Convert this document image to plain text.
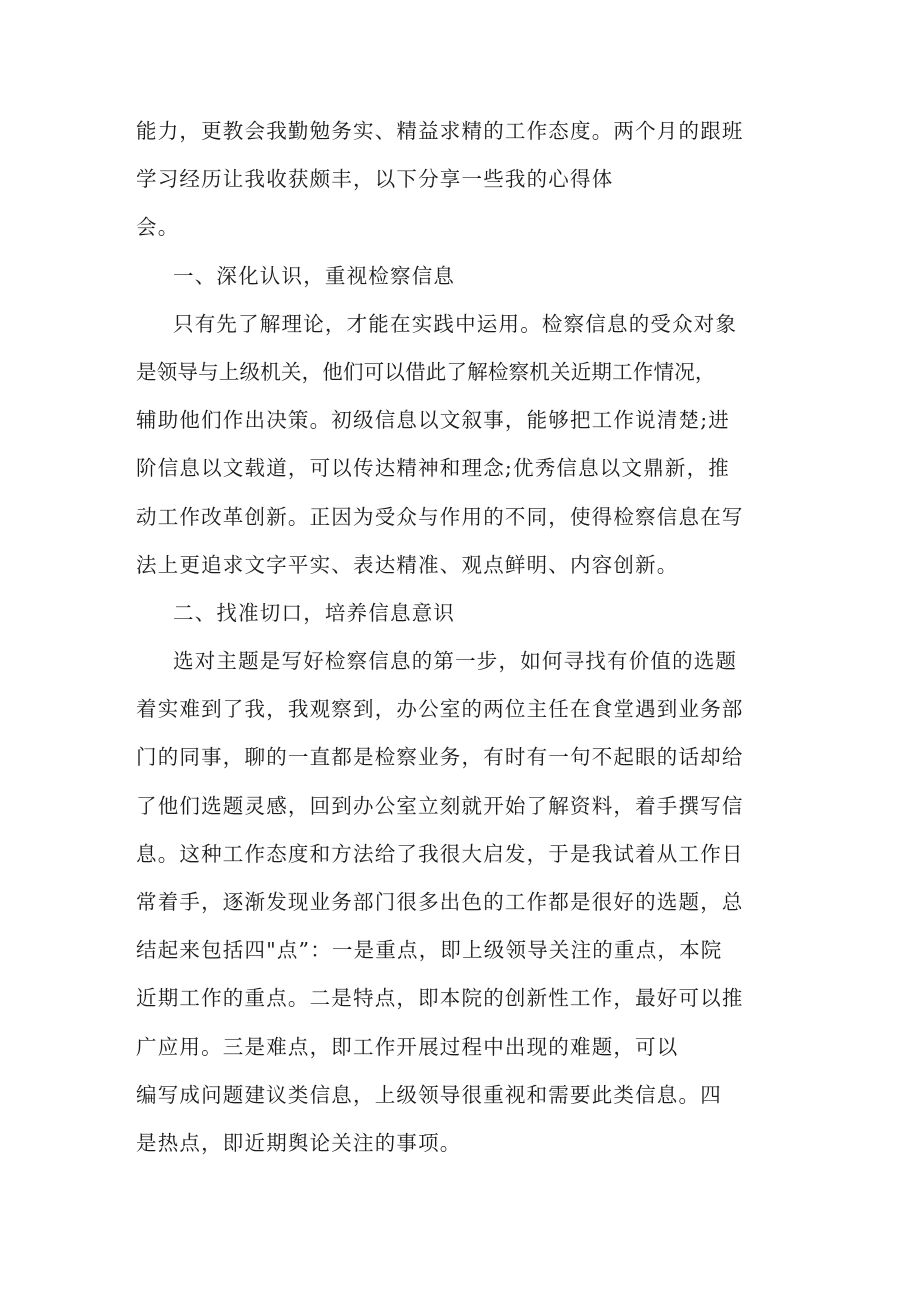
能力，更教会我勤勉务实、精益求精的工作态度。两个月的跟班
学习经历让我收获颇丰，以下分享一些我的心得体
会。
一、深化认识，重视检察信息
只有先了解理论，才能在实践中运用。检察信息的受众对象
是领导与上级机关，他们可以借此了解检察机关近期工作情况，
辅助他们作出决策。初级信息以文叙事，能够把工作说清楚;进
阶信息以文载道，可以传达精神和理念;优秀信息以文鼎新，推
动工作改革创新。正因为受众与作用的不同，使得检察信息在写
法上更追求文字平实、表达精准、观点鲜明、内容创新。
二、找准切口，培养信息意识
选对主题是写好检察信息的第一步，如何寻找有价值的选题
着实难到了我，我观察到，办公室的两位主任在食堂遇到业务部
门的同事，聊的一直都是检察业务，有时有一句不起眼的话却给
了他们选题灵感，回到办公室立刻就开始了解资料，着手撰写信
息。这种工作态度和方法给了我很大启发，于是我试着从工作日
常着手，逐渐发现业务部门很多出色的工作都是很好的选题，总
结起来包括四"点”：一是重点，即上级领导关注的重点，本院
近期工作的重点。二是特点，即本院的创新性工作，最好可以推
广应用。三是难点，即工作开展过程中出现的难题，可以
编写成问题建议类信息，上级领导很重视和需要此类信息。四
是热点，即近期舆论关注的事项。
